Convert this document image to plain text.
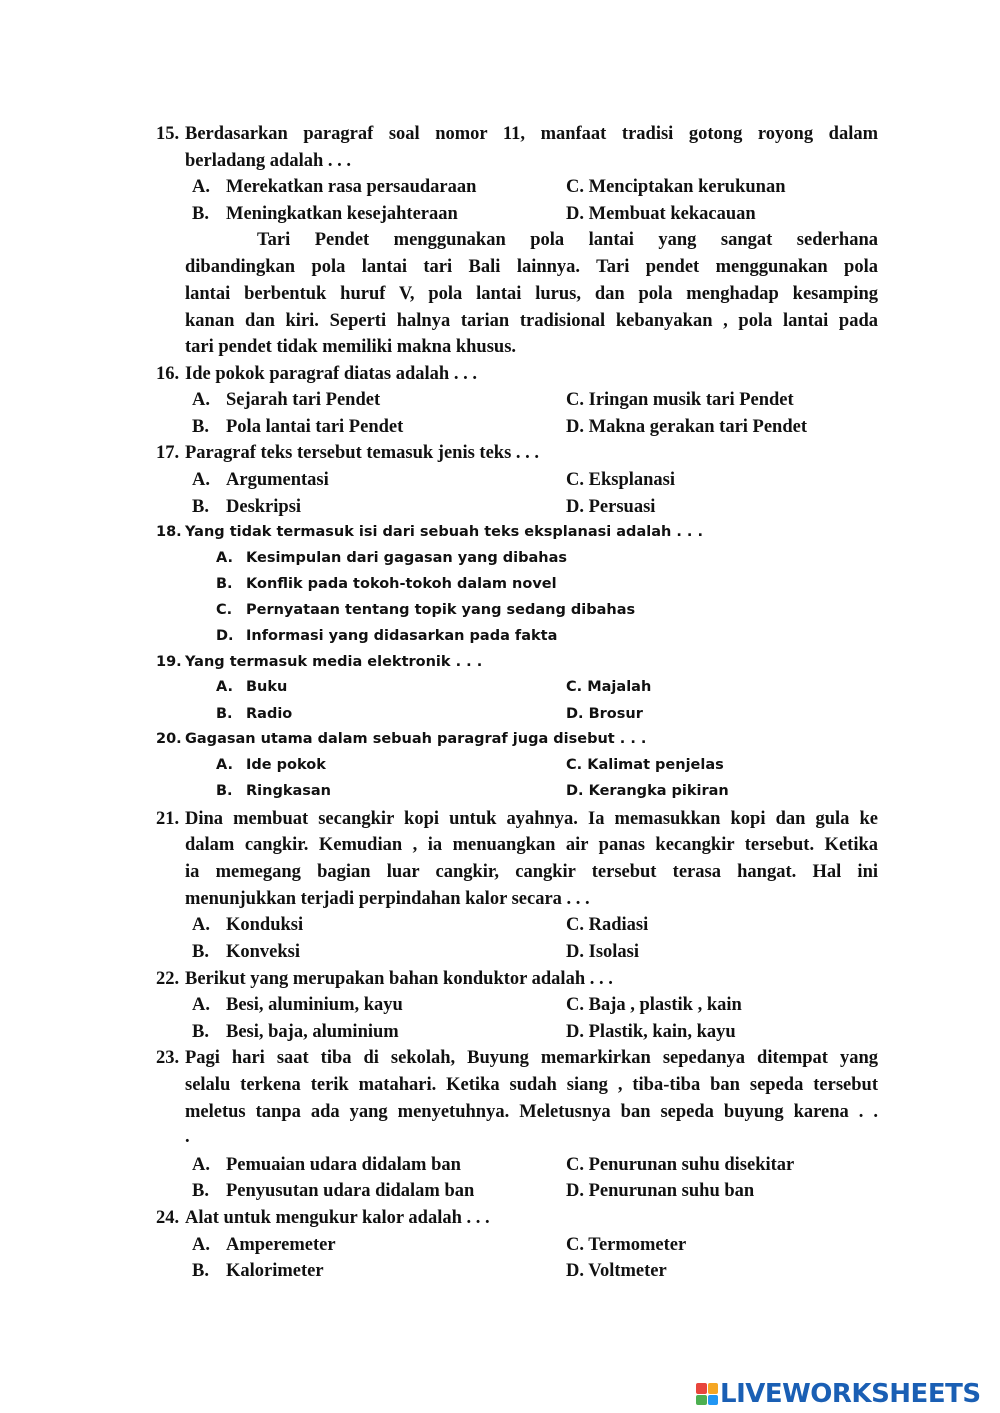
15. Berdasarkan paragraf soal nomor 11, manfaat tradisi gotong royong dalam
berladang adalah . . .
A. Merekatkan rasa persaudaraan
B. Meningkatkan kesejahteraan
C. Menciptakan kerukunan
D. Membuat kekacauan
Tari Pendet menggunakan pola lantai yang sangat sederhana
dibandingkan pola lantai tari Bali lainnya. Tari pendet menggunakan pola
lantai berbentuk huruf V, pola lantai lurus, dan pola menghadap kesamping
kanan dan kiri. Seperti halnya tarian tradisional kebanyakan , pola lantai pada
tari pendet tidak memiliki makna khusus.
16. Ide pokok paragraf diatas adalah . . .
A. Sejarah tari Pendet
B. Pola lantai tari Pendet
C. Iringan musik tari Pendet
D. Makna gerakan tari Pendet
17. Paragraf teks tersebut temasuk jenis teks . . .
A. Argumentasi
B. Deskripsi
C. Eksplanasi
D. Persuasi
18. Yang tidak termasuk isi dari sebuah teks eksplanasi adalah . . .
A. Kesimpulan dari gagasan yang dibahas
B. Konflik pada tokoh-tokoh dalam novel
C. Pernyataan tentang topik yang sedang dibahas
D. Informasi yang didasarkan pada fakta
19. Yang termasuk media elektronik . . .
A. Buku
B. Radio
C. Majalah
D. Brosur
20. Gagasan utama dalam sebuah paragraf juga disebut . . .
A. Ide pokok
B. Ringkasan
C. Kalimat penjelas
D. Kerangka pikiran
21. Dina membuat secangkir kopi untuk ayahnya. Ia memasukkan kopi dan gula ke
dalam cangkir. Kemudian , ia menuangkan air panas kecangkir tersebut. Ketika
ia memegang bagian luar cangkir, cangkir tersebut terasa hangat. Hal ini
menunjukkan terjadi perpindahan kalor secara . . .
A. Konduksi
B. Konveksi
C. Radiasi
D. Isolasi
22. Berikut yang merupakan bahan konduktor adalah . . .
A. Besi, aluminium, kayu
B. Besi, baja, aluminium
C. Baja , plastik , kain
D. Plastik, kain, kayu
23. Pagi hari saat tiba di sekolah, Buyung memarkirkan sepedanya ditempat yang
selalu terkena terik matahari. Ketika sudah siang , tiba-tiba ban sepeda tersebut
meletus tanpa ada yang menyetuhnya. Meletusnya ban sepeda buyung karena . .
.
A. Pemuaian udara didalam ban
B. Penyusutan udara didalam ban
C. Penurunan suhu disekitar
D. Penurunan suhu ban
24. Alat untuk mengukur kalor adalah . . .
A. Amperemeter
B. Kalorimeter
C. Termometer
D. Voltmeter
LIVEWORKSHEETS
